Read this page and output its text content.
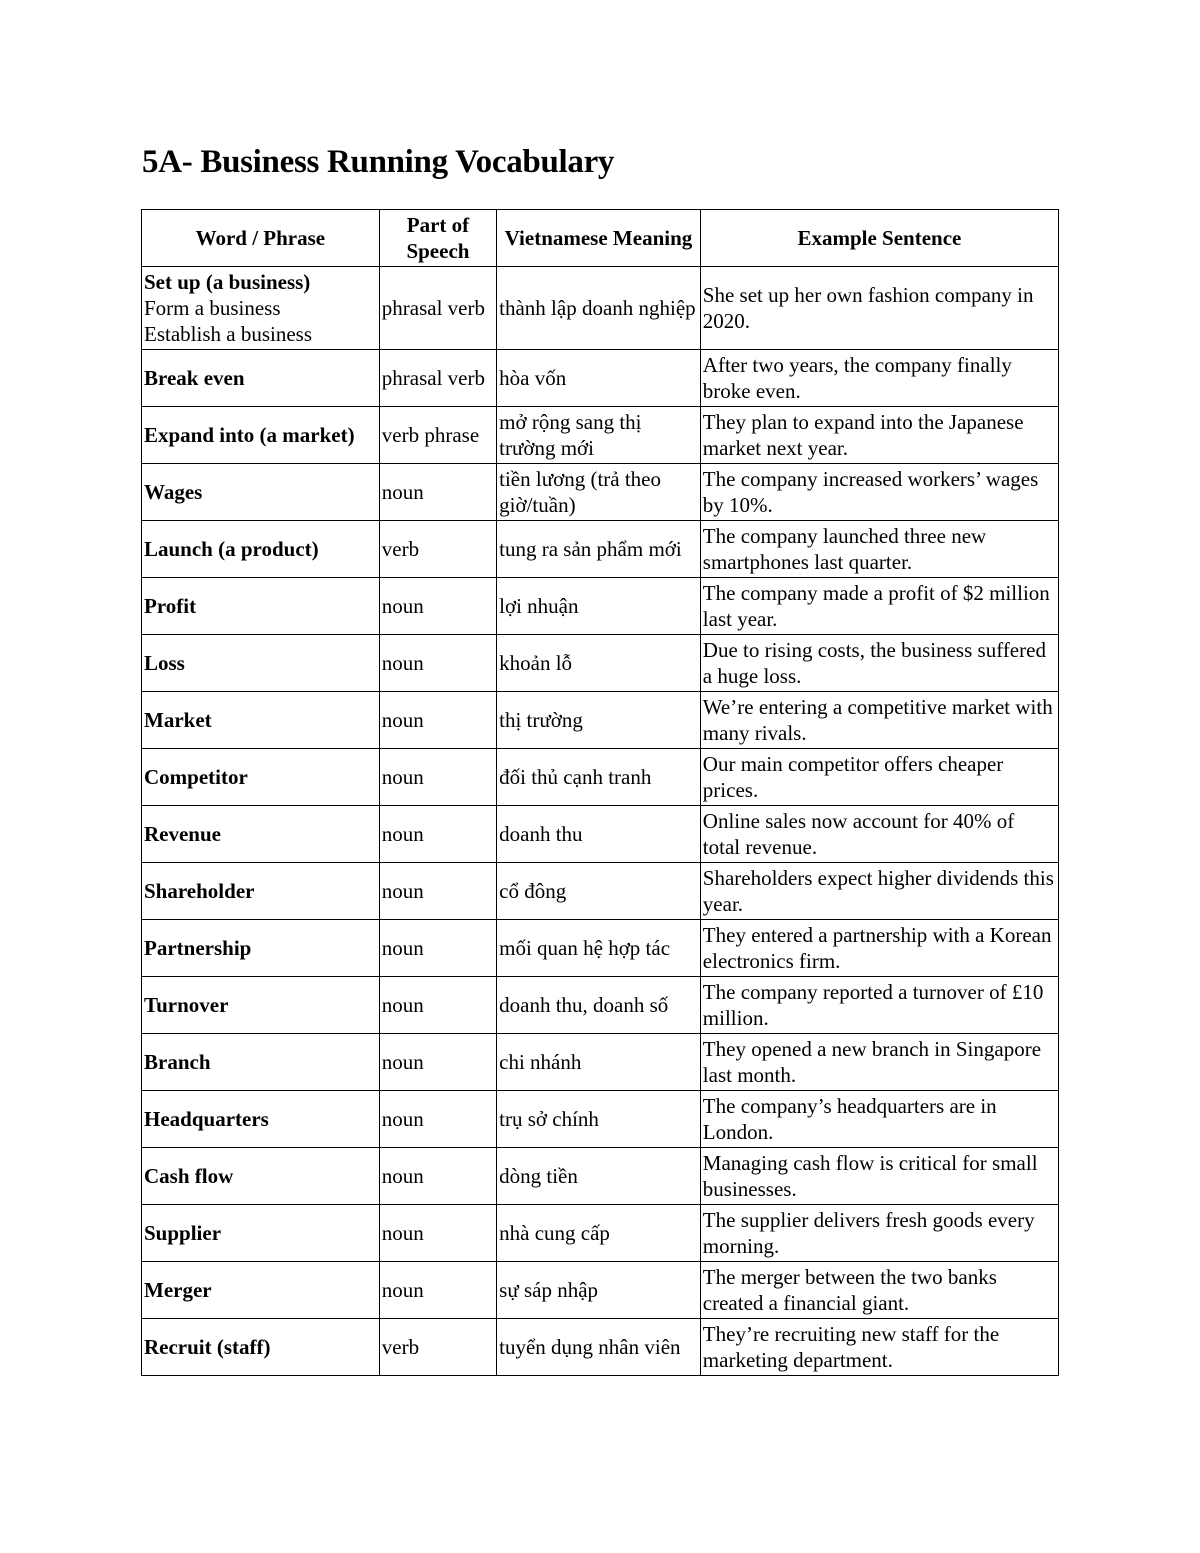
5A- Business Running Vocabulary
Word / Phrase	Part of Speech	Vietnamese Meaning	Example Sentence

Set up (a business)
Form a business
Establish a business	phrasal verb	thành lập doanh nghiệp	She set up her own fashion company in 2020.

Break even	phrasal verb	hòa vốn	After two years, the company finally broke even.

Expand into (a market)	verb phrase	mở rộng sang thị trường mới	They plan to expand into the Japanese market next year.

Wages	noun	tiền lương (trả theo giờ/tuần)	The company increased workers’ wages by 10%.

Launch (a product)	verb	tung ra sản phẩm mới	The company launched three new smartphones last quarter.

Profit	noun	lợi nhuận	The company made a profit of $2 million last year.

Loss	noun	khoản lỗ	Due to rising costs, the business suffered a huge loss.

Market	noun	thị trường	We’re entering a competitive market with many rivals.

Competitor	noun	đối thủ cạnh tranh	Our main competitor offers cheaper prices.

Revenue	noun	doanh thu	Online sales now account for 40% of total revenue.

Shareholder	noun	cổ đông	Shareholders expect higher dividends this year.

Partnership	noun	mối quan hệ hợp tác	They entered a partnership with a Korean electronics firm.

Turnover	noun	doanh thu, doanh số	The company reported a turnover of £10 million.

Branch	noun	chi nhánh	They opened a new branch in Singapore last month.

Headquarters	noun	trụ sở chính	The company’s headquarters are in London.

Cash flow	noun	dòng tiền	Managing cash flow is critical for small businesses.

Supplier	noun	nhà cung cấp	The supplier delivers fresh goods every morning.

Merger	noun	sự sáp nhập	The merger between the two banks created a financial giant.

Recruit (staff)	verb	tuyển dụng nhân viên	They’re recruiting new staff for the marketing department.
